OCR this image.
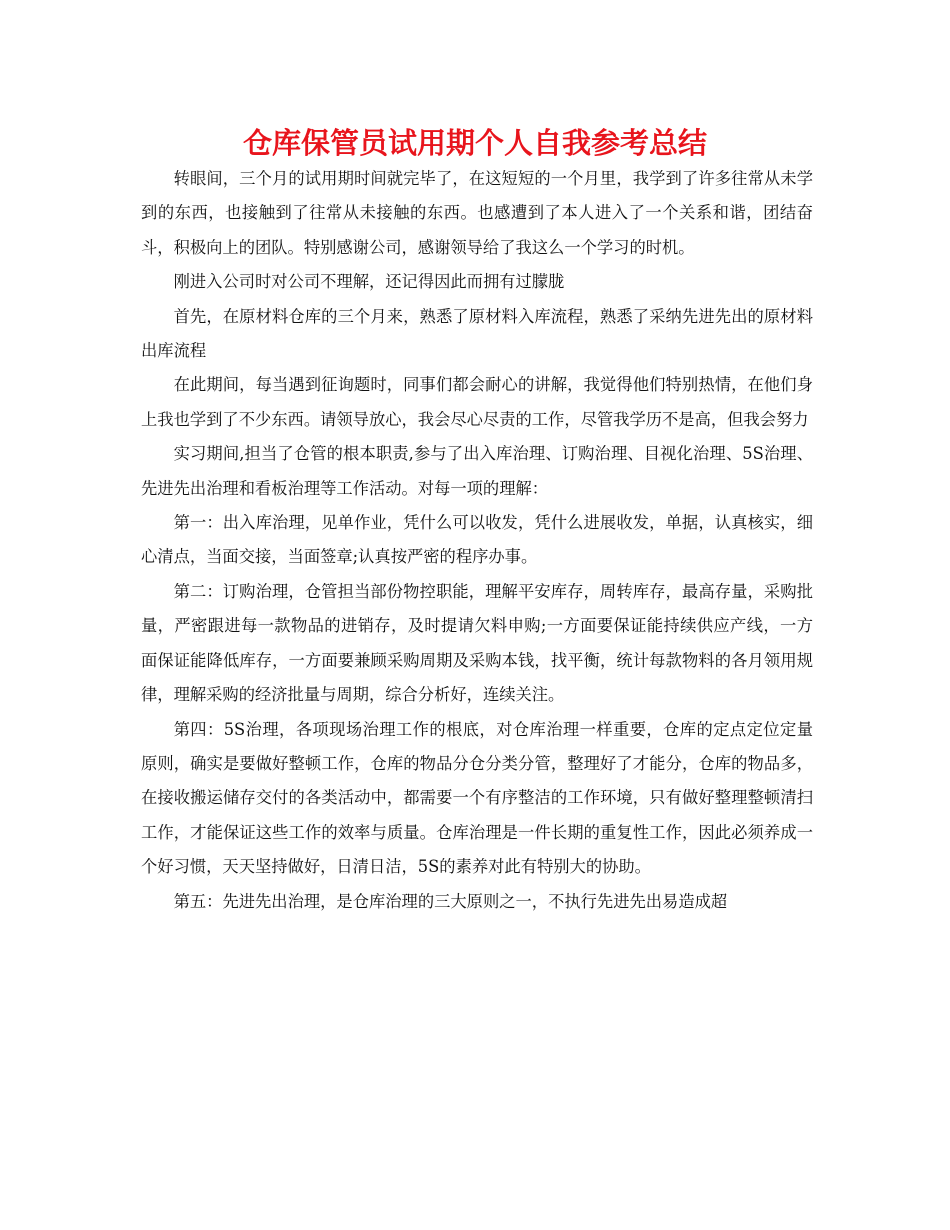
仓库保管员试用期个人自我参考总结

转眼间，三个月的试用期时间就完毕了，在这短短的一个月里，我学到了许多往常从未学到的东西，也接触到了往常从未接触的东西。也感遭到了本人进入了一个关系和谐，团结奋斗，积极向上的团队。特别感谢公司，感谢领导给了我这么一个学习的时机。

刚进入公司时对公司不理解，还记得因此而拥有过朦胧

首先，在原材料仓库的三个月来，熟悉了原材料入库流程，熟悉了采纳先进先出的原材料出库流程

在此期间，每当遇到征询题时，同事们都会耐心的讲解，我觉得他们特别热情，在他们身上我也学到了不少东西。请领导放心，我会尽心尽责的工作，尽管我学历不是高，但我会努力

实习期间,担当了仓管的根本职责,参与了出入库治理、订购治理、目视化治理、5S治理、先进先出治理和看板治理等工作活动。对每一项的理解：

第一：出入库治理，见单作业，凭什么可以收发，凭什么进展收发，单据，认真核实，细心清点，当面交接，当面签章;认真按严密的程序办事。

第二：订购治理，仓管担当部份物控职能，理解平安库存，周转库存，最高存量，采购批量，严密跟进每一款物品的进销存，及时提请欠料申购;一方面要保证能持续供应产线，一方面保证能降低库存，一方面要兼顾采购周期及采购本钱，找平衡，统计每款物料的各月领用规律，理解采购的经济批量与周期，综合分析好，连续关注。

第四：5S治理，各项现场治理工作的根底，对仓库治理一样重要，仓库的定点定位定量原则，确实是要做好整顿工作，仓库的物品分仓分类分管，整理好了才能分，仓库的物品多，在接收搬运储存交付的各类活动中，都需要一个有序整洁的工作环境，只有做好整理整顿清扫工作，才能保证这些工作的效率与质量。仓库治理是一件长期的重复性工作，因此必须养成一个好习惯，天天坚持做好，日清日洁，5S的素养对此有特别大的协助。

第五：先进先出治理，是仓库治理的三大原则之一，不执行先进先出易造成超
